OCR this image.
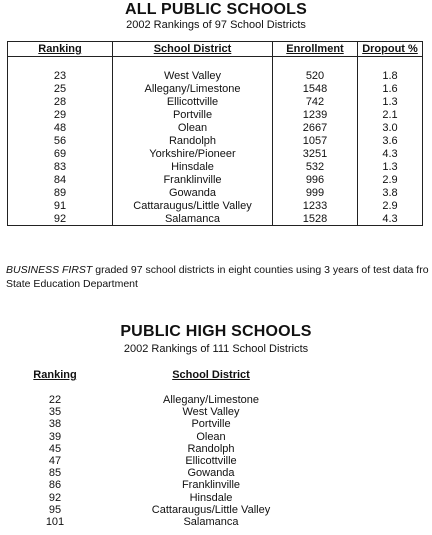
ALL PUBLIC SCHOOLS
2002 Rankings of 97 School Districts
Ranking	School District	Enrollment	Dropout %

23	West Valley	520	1.8
25	Allegany/Limestone	1548	1.6
28	Ellicottville	742	1.3
29	Portville	1239	2.1
48	Olean	2667	3.0
56	Randolph	1057	3.6
69	Yorkshire/Pioneer	3251	4.3
83	Hinsdale	532	1.3
84	Franklinville	996	2.9
89	Gowanda	999	3.8
91	Cattaraugus/Little Valley	1233	2.9
92	Salamanca	1528	4.3
BUSINESS FIRST graded 97 school districts in eight counties using 3 years of test data fro
State Education Department
PUBLIC HIGH SCHOOLS
2002 Rankings of 111 School Districts
Ranking	School District

22	Allegany/Limestone
35	West Valley
38	Portville
39	Olean
45	Randolph
47	Ellicottville
85	Gowanda
86	Franklinville
92	Hinsdale
95	Cattaraugus/Little Valley
101	Salamanca
